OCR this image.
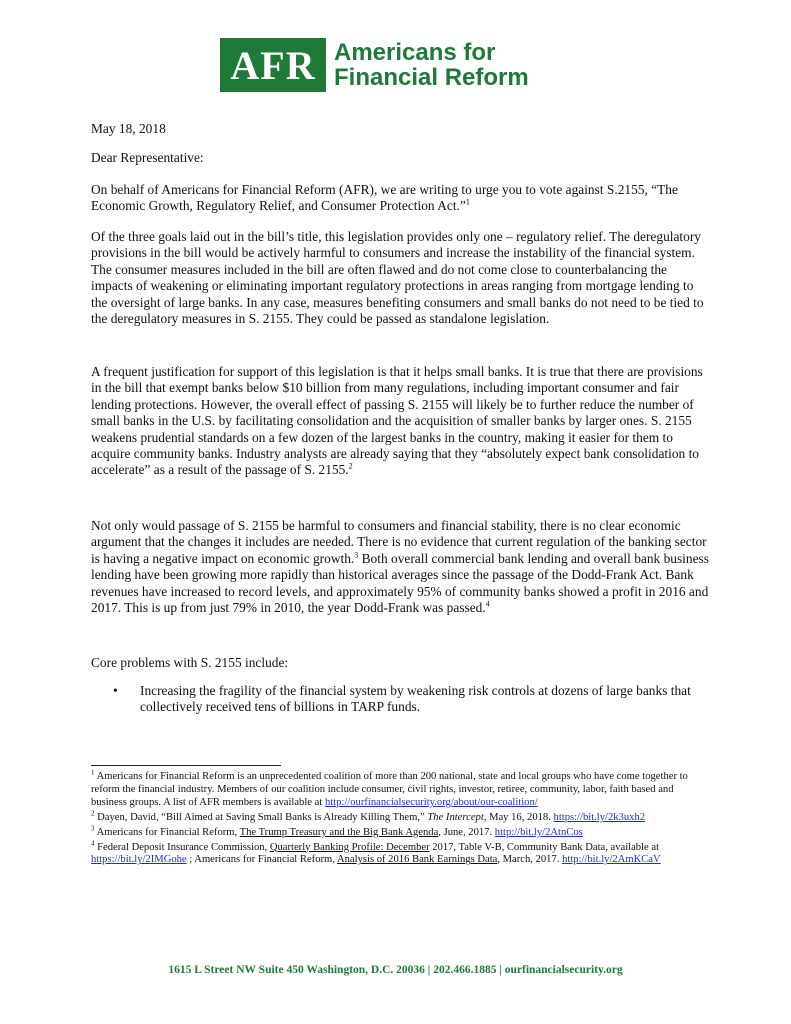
AFR Americans for
Financial Reform

May 18, 2018

Dear Representative:

On behalf of Americans for Financial Reform (AFR), we are writing to urge you to vote against S.2155, “The Economic Growth, Regulatory Relief, and Consumer Protection Act.”$^1$

Of the three goals laid out in the bill’s title, this legislation provides only one – regulatory relief. The deregulatory provisions in the bill would be actively harmful to consumers and increase the instability of the financial system. The consumer measures included in the bill are often flawed and do not come close to counterbalancing the impacts of weakening or eliminating important regulatory protections in areas ranging from mortgage lending to the oversight of large banks. In any case, measures benefiting consumers and small banks do not need to be tied to the deregulatory measures in S. 2155. They could be passed as standalone legislation.

A frequent justification for support of this legislation is that it helps small banks. It is true that there are provisions in the bill that exempt banks below $10 billion from many regulations, including important consumer and fair lending protections. However, the overall effect of passing S. 2155 will likely be to further reduce the number of small banks in the U.S. by facilitating consolidation and the acquisition of smaller banks by larger ones. S. 2155 weakens prudential standards on a few dozen of the largest banks in the country, making it easier for them to acquire community banks. Industry analysts are already saying that they “absolutely expect bank consolidation to accelerate” as a result of the passage of S. 2155.$^2$

Not only would passage of S. 2155 be harmful to consumers and financial stability, there is no clear economic argument that the changes it includes are needed. There is no evidence that current regulation of the banking sector is having a negative impact on economic growth.$^3$ Both overall commercial bank lending and overall bank business lending have been growing more rapidly than historical averages since the passage of the Dodd-Frank Act. Bank revenues have increased to record levels, and approximately 95% of community banks showed a profit in 2016 and 2017. This is up from just 79% in 2010, the year Dodd-Frank was passed.$^4$

Core problems with S. 2155 include:

•	Increasing the fragility of the financial system by weakening risk controls at dozens of large banks that collectively received tens of billions in TARP funds.

$^1$ Americans for Financial Reform is an unprecedented coalition of more than 200 national, state and local groups who have come together to reform the financial industry. Members of our coalition include consumer, civil rights, investor, retiree, community, labor, faith based and business groups. A list of AFR members is available at http://ourfinancialsecurity.org/about/our-coalition/

$^2$ Dayen, David, “Bill Aimed at Saving Small Banks is Already Killing Them,” The Intercept, May 16, 2018. https://bit.ly/2k3uxh2

$^3$ Americans for Financial Reform, The Trump Treasury and the Big Bank Agenda, June, 2017. http://bit.ly/2AtnCos

$^4$ Federal Deposit Insurance Commission, Quarterly Banking Profile: December 2017, Table V-B, Community Bank Data, available at https://bit.ly/2IMGohe ; Americans for Financial Reform, Analysis of 2016 Bank Earnings Data, March, 2017. http://bit.ly/2AmKCaV

1615 L Street NW Suite 450 Washington, D.C. 20036 | 202.466.1885 | ourfinancialsecurity.org
